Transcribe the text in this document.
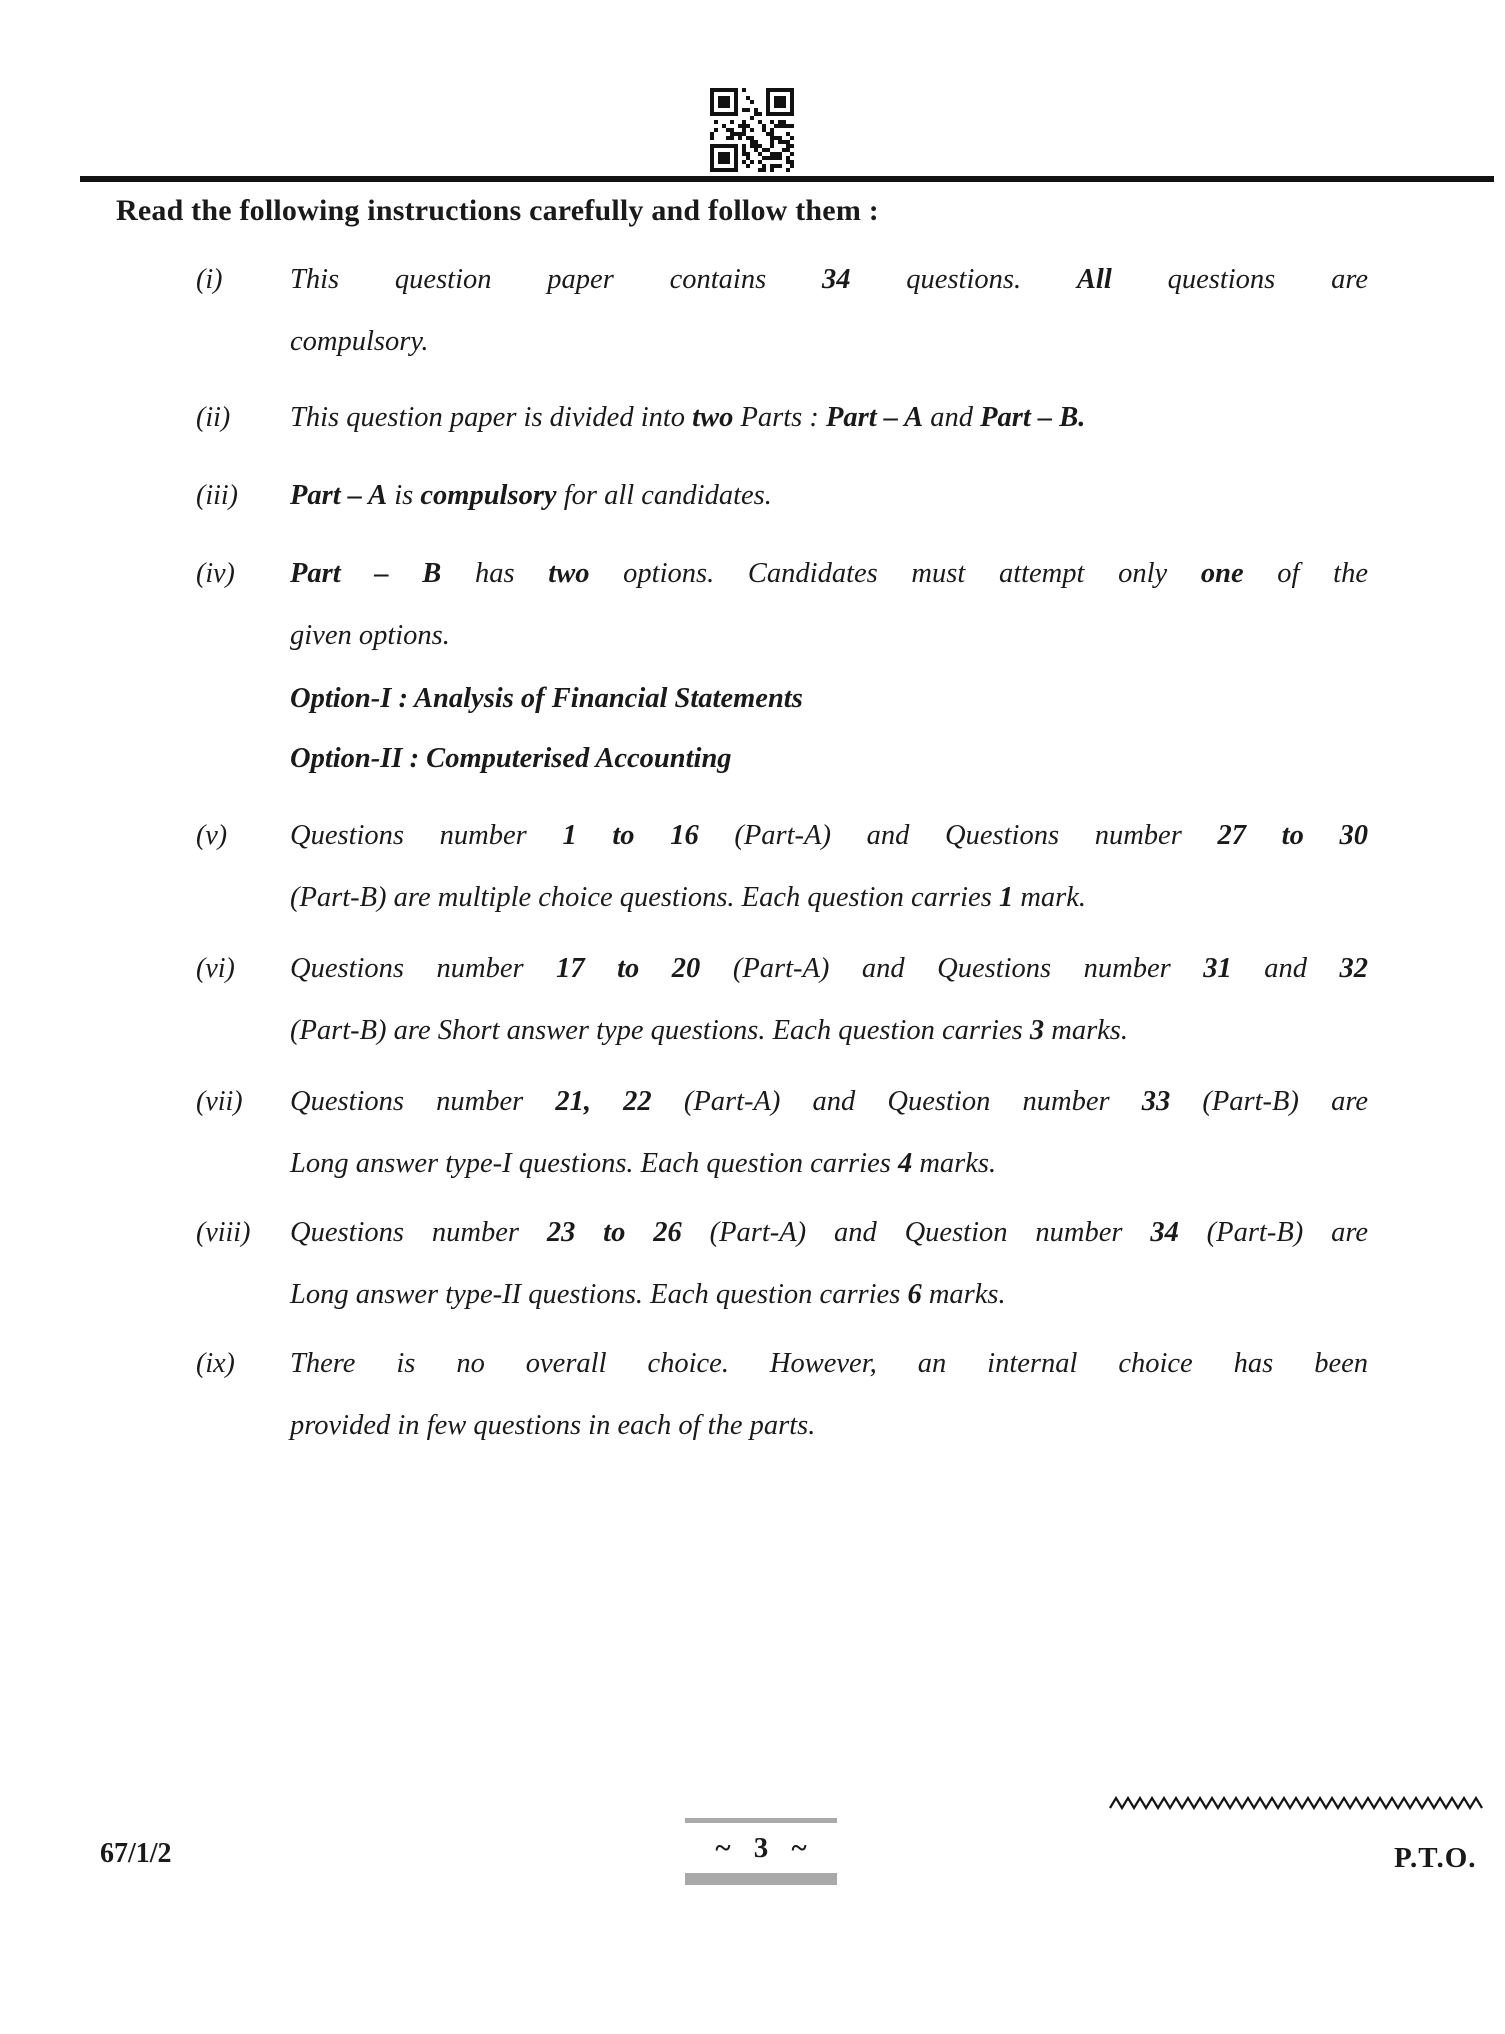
Read the following instructions carefully and follow them :
(i)	This question paper contains 34 questions. All questions are
compulsory.
(ii)	This question paper is divided into two Parts : Part – A and Part – B.
(iii)	Part – A is compulsory for all candidates.
(iv)	Part – B has two options. Candidates must attempt only one of the
given options.
Option-I : Analysis of Financial Statements
Option-II : Computerised Accounting
(v)	Questions number 1 to 16 (Part-A) and Questions number 27 to 30
(Part-B) are multiple choice questions. Each question carries 1 mark.
(vi)	Questions number 17 to 20 (Part-A) and Questions number 31 and 32
(Part-B) are Short answer type questions. Each question carries 3 marks.
(vii)	Questions number 21, 22 (Part-A) and Question number 33 (Part-B) are
Long answer type-I questions. Each question carries 4 marks.
(viii)	Questions number 23 to 26 (Part-A) and Question number 34 (Part-B) are
Long answer type-II questions. Each question carries 6 marks.
(ix)	There is no overall choice. However, an internal choice has been
provided in few questions in each of the parts.
67/1/2	~ 3 ~	P.T.O.
